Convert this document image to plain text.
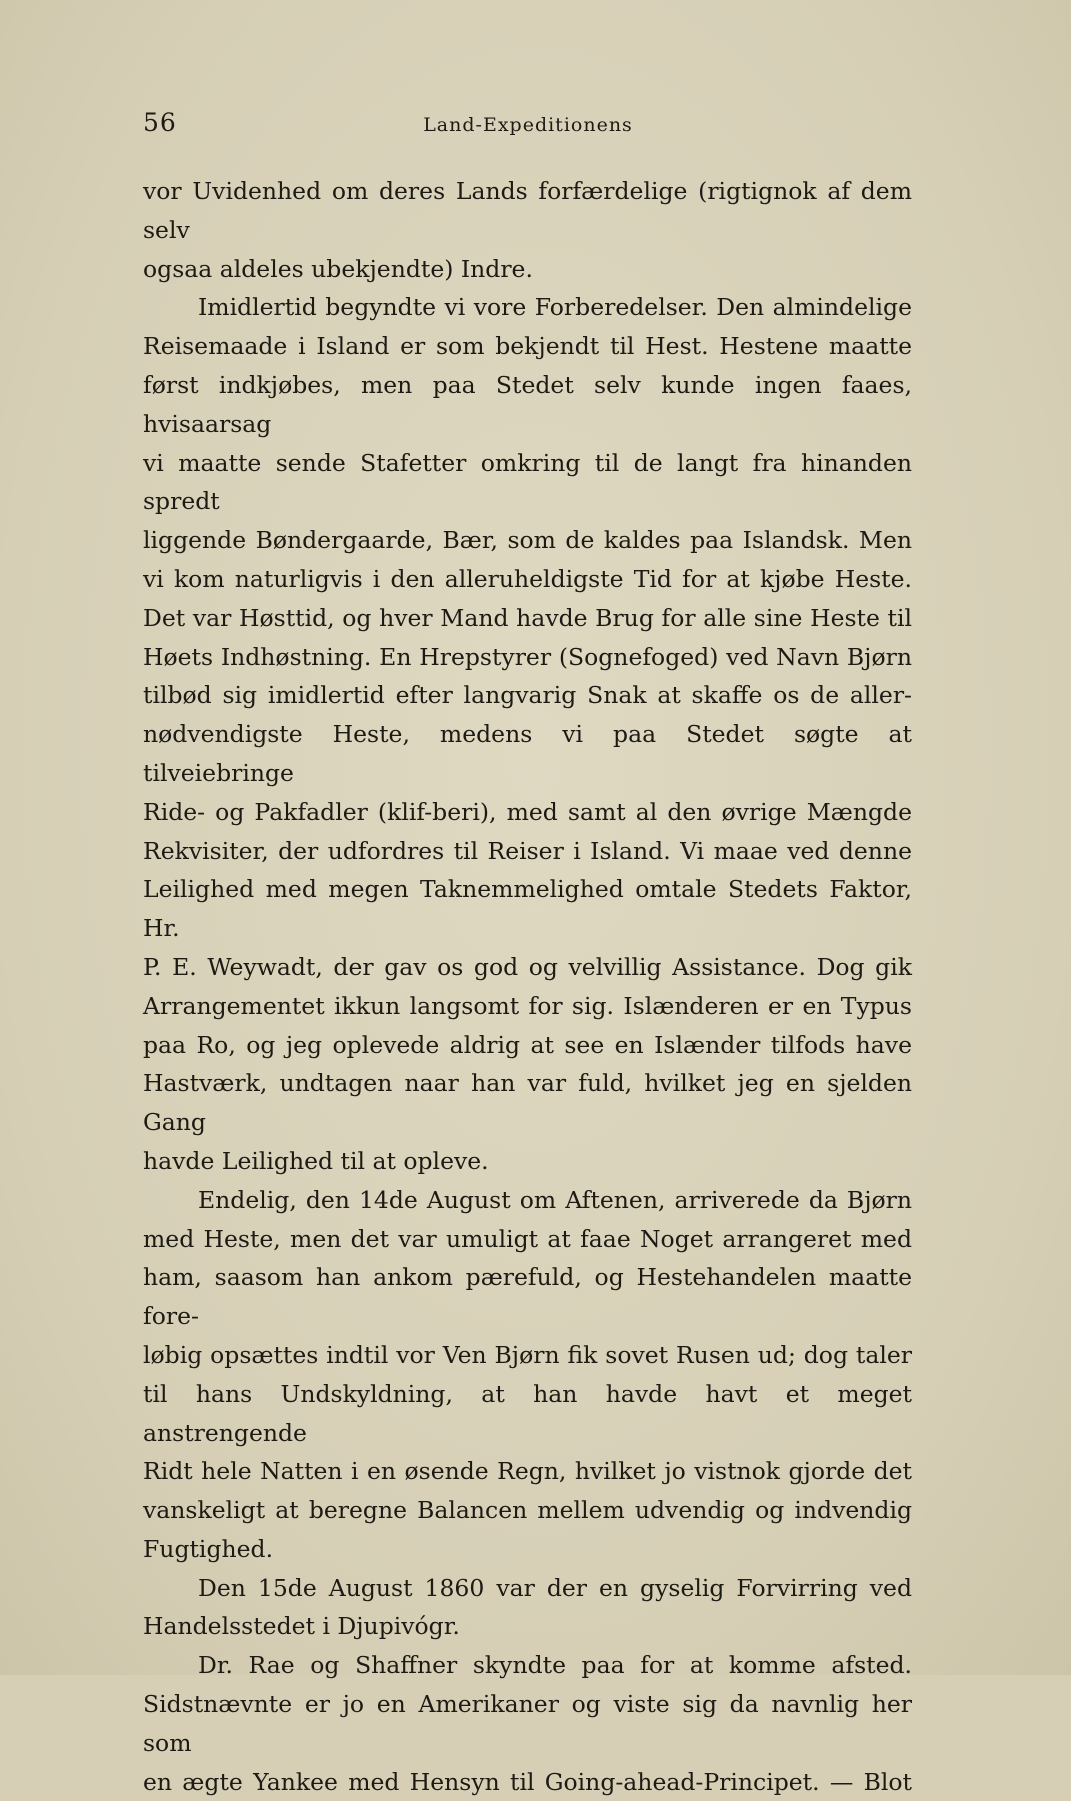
56	Land-Expeditionens

vor Uvidenhed om deres Lands forfærdelige (rigtignok af dem selv
ogsaa aldeles ubekjendte) Indre.

Imidlertid begyndte vi vore Forberedelser. Den almindelige
Reisemaade i Island er som bekjendt til Hest. Hestene maatte
først indkjøbes, men paa Stedet selv kunde ingen faaes, hvisaarsag
vi maatte sende Stafetter omkring til de langt fra hinanden spredt
liggende Bøndergaarde, Bær, som de kaldes paa Islandsk. Men
vi kom naturligvis i den alleruheldigste Tid for at kjøbe Heste.
Det var Høsttid, og hver Mand havde Brug for alle sine Heste til
Høets Indhøstning. En Hrepstyrer (Sognefoged) ved Navn Bjørn
tilbød sig imidlertid efter langvarig Snak at skaffe os de aller-
nødvendigste Heste, medens vi paa Stedet søgte at tilveiebringe
Ride- og Pakfadler (klif-beri), med samt al den øvrige Mængde
Rekvisiter, der udfordres til Reiser i Island. Vi maae ved denne
Leilighed med megen Taknemmelighed omtale Stedets Faktor, Hr.
P. E. Weywadt, der gav os god og velvillig Assistance. Dog gik
Arrangementet ikkun langsomt for sig. Islænderen er en Typus
paa Ro, og jeg oplevede aldrig at see en Islænder tilfods have
Hastværk, undtagen naar han var fuld, hvilket jeg en sjelden Gang
havde Leilighed til at opleve.

Endelig, den 14de August om Aftenen, arriverede da Bjørn
med Heste, men det var umuligt at faae Noget arrangeret med
ham, saasom han ankom pærefuld, og Hestehandelen maatte fore-
løbig opsættes indtil vor Ven Bjørn fik sovet Rusen ud; dog taler
til hans Undskyldning, at han havde havt et meget anstrengende
Ridt hele Natten i en øsende Regn, hvilket jo vistnok gjorde det
vanskeligt at beregne Balancen mellem udvendig og indvendig
Fugtighed.

Den 15de August 1860 var der en gyselig Forvirring ved
Handelsstedet i Djupivógr.

Dr. Rae og Shaffner skyndte paa for at komme afsted.
Sidstnævnte er jo en Amerikaner og viste sig da navnlig her som
en ægte Yankee med Hensyn til Going-ahead-Principet. — Blot
